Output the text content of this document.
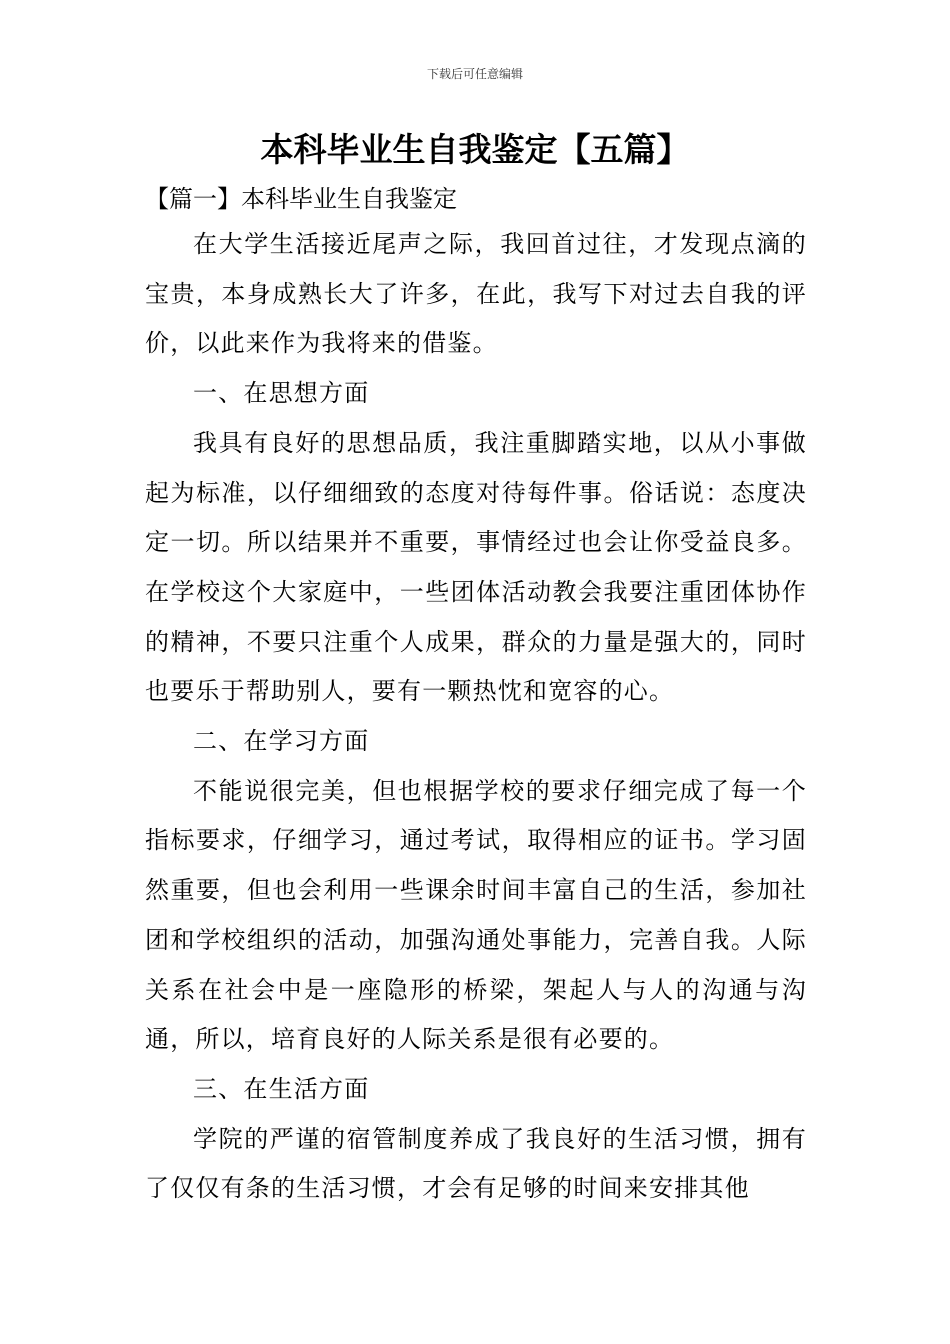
下载后可任意编辑
本科毕业生自我鉴定【五篇】
【篇一】本科毕业生自我鉴定

在大学生活接近尾声之际，我回首过往，才发现点滴的宝贵，本身成熟长大了许多，在此，我写下对过去自我的评价，以此来作为我将来的借鉴。

一、在思想方面

我具有良好的思想品质，我注重脚踏实地，以从小事做起为标准，以仔细细致的态度对待每件事。俗话说：态度决定一切。所以结果并不重要，事情经过也会让你受益良多。在学校这个大家庭中，一些团体活动教会我要注重团体协作的精神，不要只注重个人成果，群众的力量是强大的，同时也要乐于帮助别人，要有一颗热忱和宽容的心。

二、在学习方面

不能说很完美，但也根据学校的要求仔细完成了每一个指标要求，仔细学习，通过考试，取得相应的证书。学习固然重要，但也会利用一些课余时间丰富自己的生活，参加社团和学校组织的活动，加强沟通处事能力，完善自我。人际关系在社会中是一座隐形的桥梁，架起人与人的沟通与沟通，所以，培育良好的人际关系是很有必要的。

三、在生活方面

学院的严谨的宿管制度养成了我良好的生活习惯，拥有了仅仅有条的生活习惯，才会有足够的时间来安排其他
